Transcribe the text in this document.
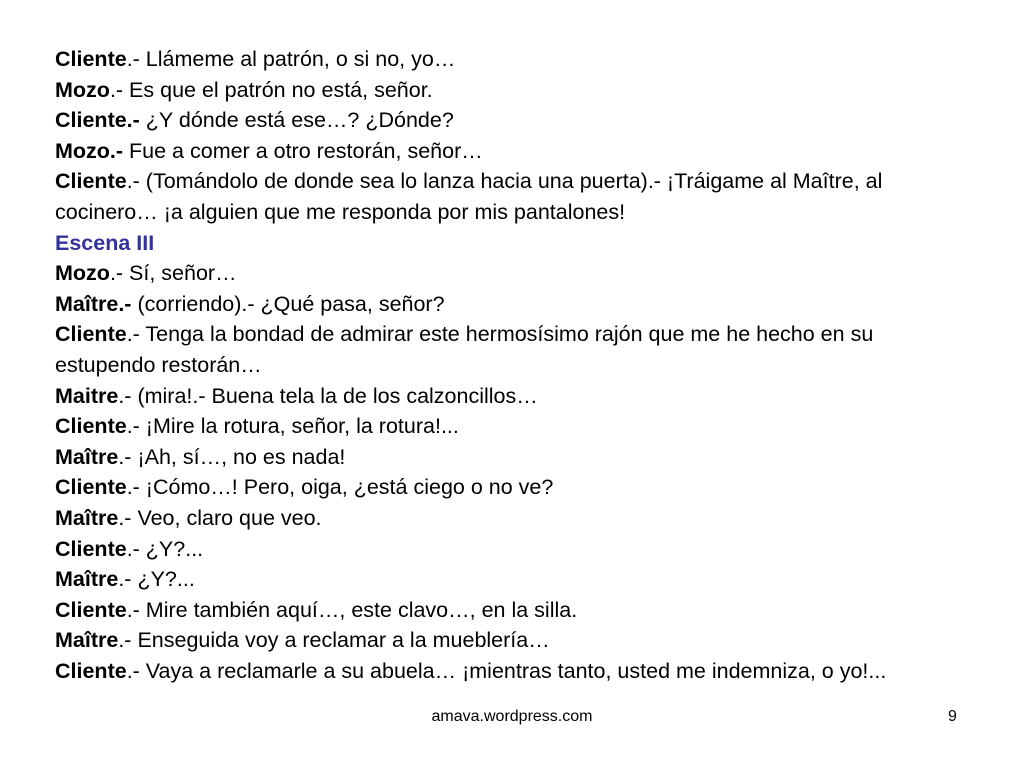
Cliente.- Llámeme al patrón, o si no, yo…
Mozo.- Es que el patrón no está, señor.
Cliente.- ¿Y dónde está ese…? ¿Dónde?
Mozo.- Fue a comer a otro restorán, señor…
Cliente.- (Tomándolo de donde sea lo lanza hacia una puerta).- ¡Tráigame al Maître, al cocinero… ¡a alguien que me responda por mis pantalones!
Escena III
Mozo.- Sí, señor…
Maître.- (corriendo).- ¿Qué pasa, señor?
Cliente.- Tenga la bondad de admirar este hermosísimo rajón que me he hecho en su estupendo restorán…
Maitre.- (mira!.- Buena tela la de los calzoncillos…
Cliente.- ¡Mire la rotura, señor, la rotura!...
Maître.- ¡Ah, sí…, no es nada!
Cliente.- ¡Cómo…! Pero, oiga, ¿está ciego o no ve?
Maître.- Veo, claro que veo.
Cliente.- ¿Y?...
Maître.- ¿Y?...
Cliente.- Mire también aquí…, este clavo…, en la silla.
Maître.- Enseguida voy a reclamar a la mueblería…
Cliente.- Vaya a reclamarle a su abuela… ¡mientras tanto, usted me indemniza, o yo!...
amava.wordpress.com	9
